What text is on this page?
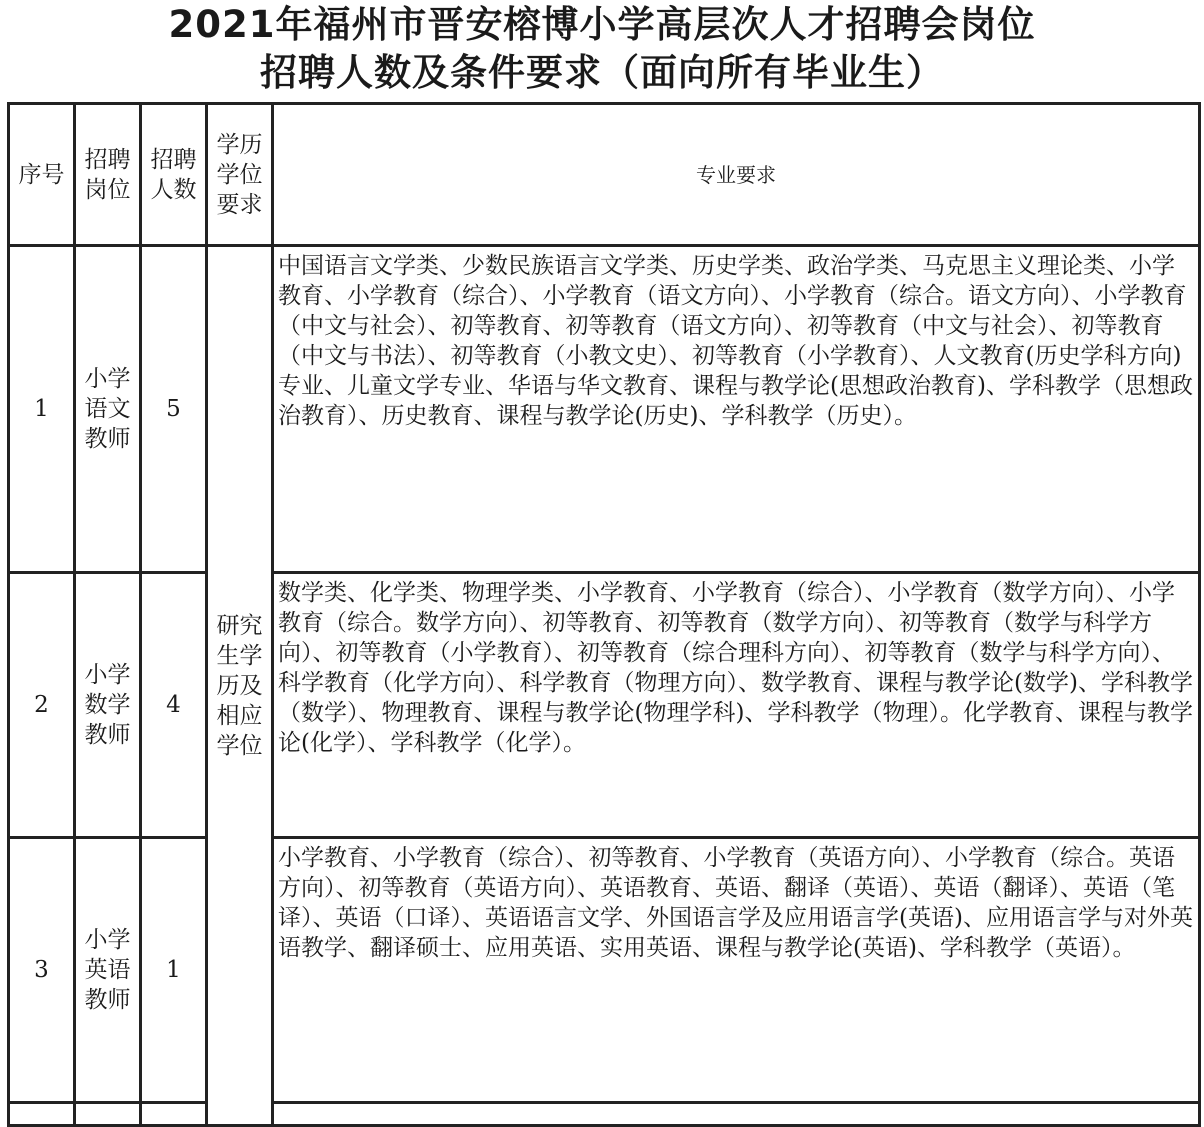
2021年福州市晋安榕博小学高层次人才招聘会岗位
招聘人数及条件要求（面向所有毕业生）
序号	招聘岗位	招聘人数	学历学位要求	专业要求
1	小学语文教师	5	研究生学历及相应学位	中国语言文学类、少数民族语言文学类、历史学类、政治学类、马克思主义理论类、小学教育、小学教育（综合）、小学教育（语文方向）、小学教育（综合。语文方向）、小学教育（中文与社会）、初等教育、初等教育（语文方向）、初等教育（中文与社会）、初等教育（中文与书法）、初等教育（小教文史）、初等教育（小学教育）、人文教育(历史学科方向)专业、儿童文学专业、华语与华文教育、课程与教学论(思想政治教育)、学科教学（思想政治教育）、历史教育、课程与教学论(历史)、学科教学（历史）。
2	小学数学教师	4		数学类、化学类、物理学类、小学教育、小学教育（综合）、小学教育（数学方向）、小学教育（综合。数学方向）、初等教育、初等教育（数学方向）、初等教育（数学与科学方向）、初等教育（小学教育）、初等教育（综合理科方向）、初等教育（数学与科学方向）、科学教育（化学方向）、科学教育（物理方向）、数学教育、课程与教学论(数学)、学科教学（数学）、物理教育、课程与教学论(物理学科)、学科教学（物理）。化学教育、课程与教学论(化学）、学科教学（化学）。
3	小学英语教师	1		小学教育、小学教育（综合）、初等教育、小学教育（英语方向）、小学教育（综合。英语方向）、初等教育（英语方向）、英语教育、英语、翻译（英语）、英语（翻译）、英语（笔译）、英语（口译）、英语语言文学、外国语言学及应用语言学(英语)、应用语言学与对外英语教学、翻译硕士、应用英语、实用英语、课程与教学论(英语)、学科教学（英语）。
